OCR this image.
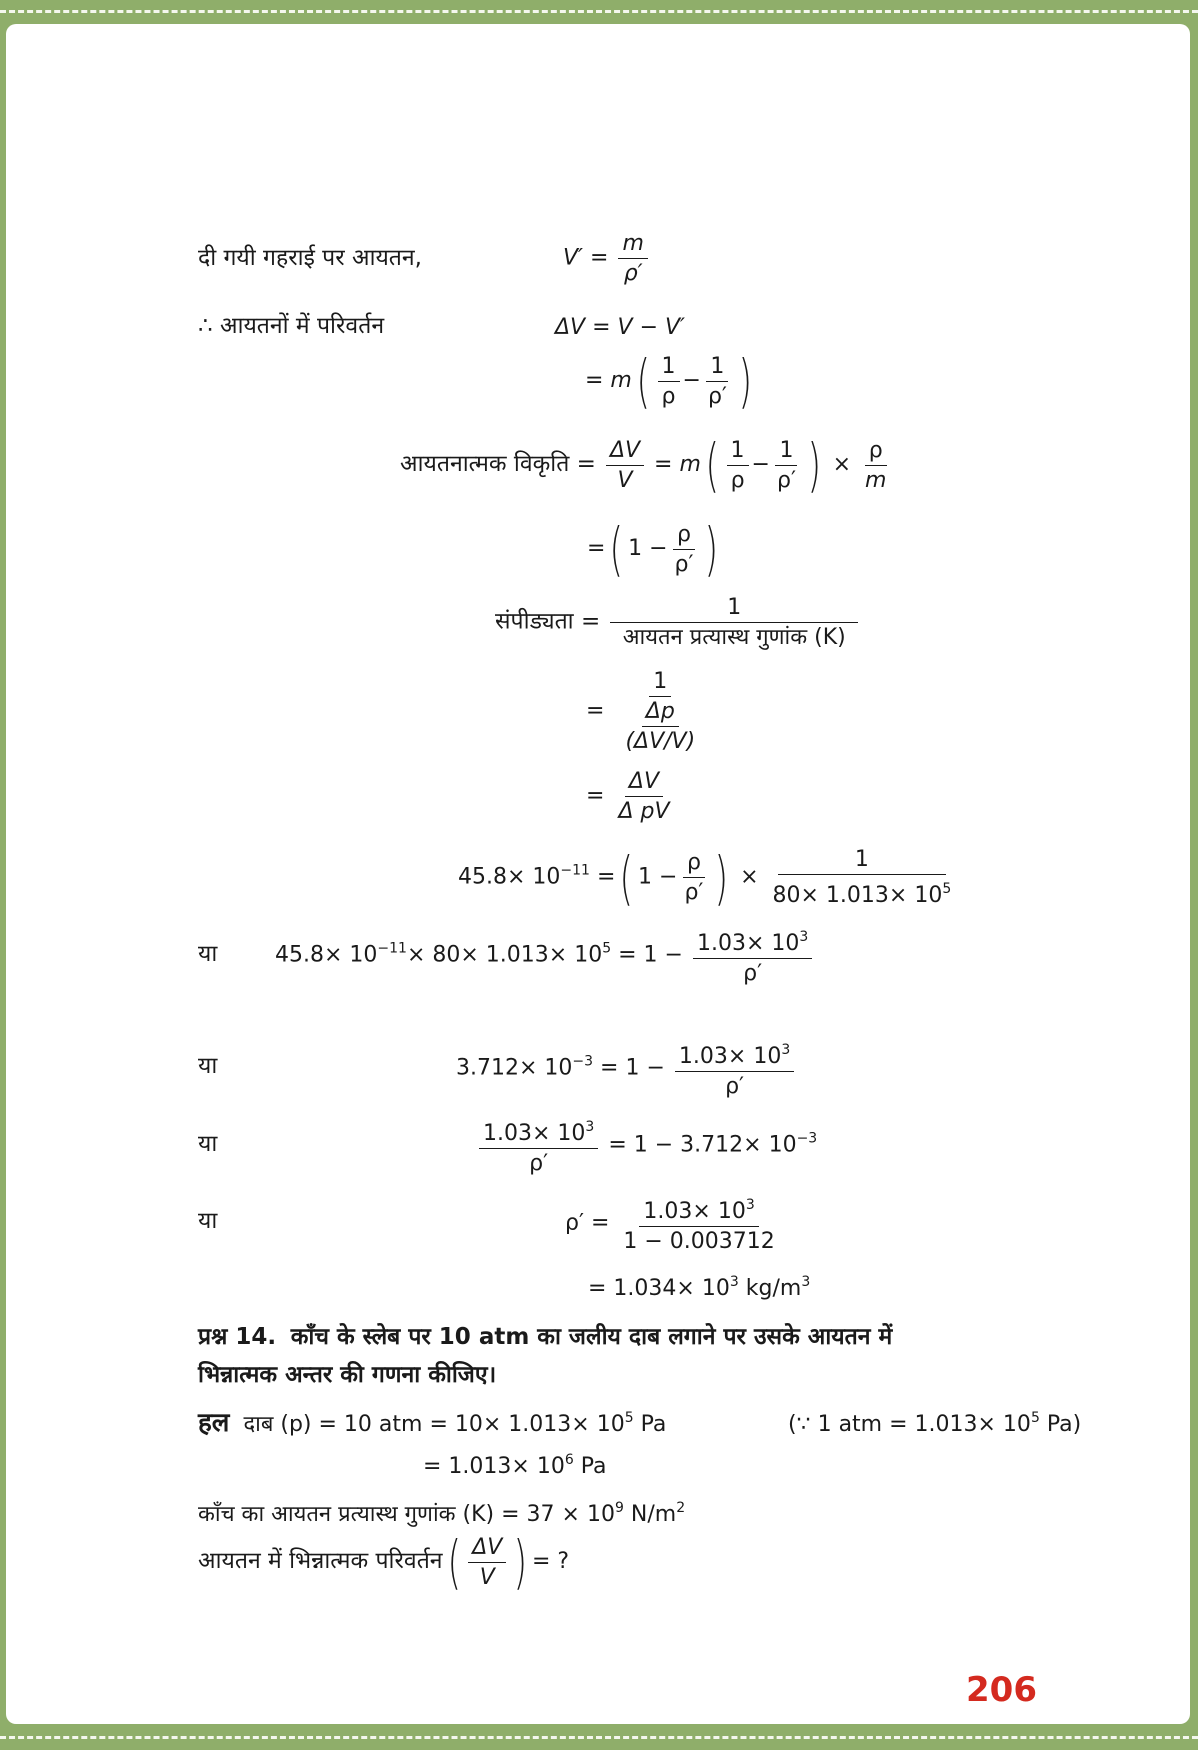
दी गयी गहराई पर आयतन,	$V' = \frac{m}{\rho'}$
∴ आयतनों में परिवर्तन	ΔV = V − V′
= $m( \frac{1}{\rho} - \frac{1}{\rho'}$ )
आयतनात्मक विकृति = $\frac{\Delta V}{V} = m( \frac{1}{\rho} - \frac{1}{\rho'}$ ) × $\frac{\rho}{m}$
=( $1 - \frac{\rho}{\rho'}$ )
संपीड्यता = $\frac{1}{\text{आयतन प्रत्यास्थ गुणांक (K)}}$
= $\frac{1}{\frac{\Delta p}{(\Delta V/V)}}$
= $\frac{\Delta V}{\text{Δ pV}}$
$45.8\times 10^{-11}$ =( $1 - \frac{\rho}{\rho'}$ ) × $\frac{1}{80\times 1.013\times 10^5}$
या	$45.8\times 10^{-11}\times 80\times 1.013\times 10^5 = 1 - \frac{1.03\times 10^3}{\rho'}$
या	$3.712\times 10^{-3} = 1 - \frac{1.03\times 10^3}{\rho'}$
या	$\frac{1.03\times 10^3}{\rho'} = 1 - 3.712\times 10^{-3}$
या	$\rho' = \frac{1.03\times 10^3}{1 - 0.003712}$
= $1.034\times 10^3$ $kg/m^3$
प्रश्न 14. काँच के स्लेब पर 10 atm का जलीय दाब लगाने पर उसके आयतन में
भिन्नात्मक अन्तर की गणना कीजिए।
हल दाब (p) = 10 atm = $10\times 1.013\times 10^5$ Pa	(∵ 1 atm = $1.013\times 10^5$ Pa)
= $1.013\times 10^6$ Pa
काँच का आयतन प्रत्यास्थ गुणांक $(K) = 37 \times 10^9$ $N/m^2$
आयतन में भिन्नात्मक परिवर्तन( $\frac{\Delta V}{V}$ ) = ?
206
